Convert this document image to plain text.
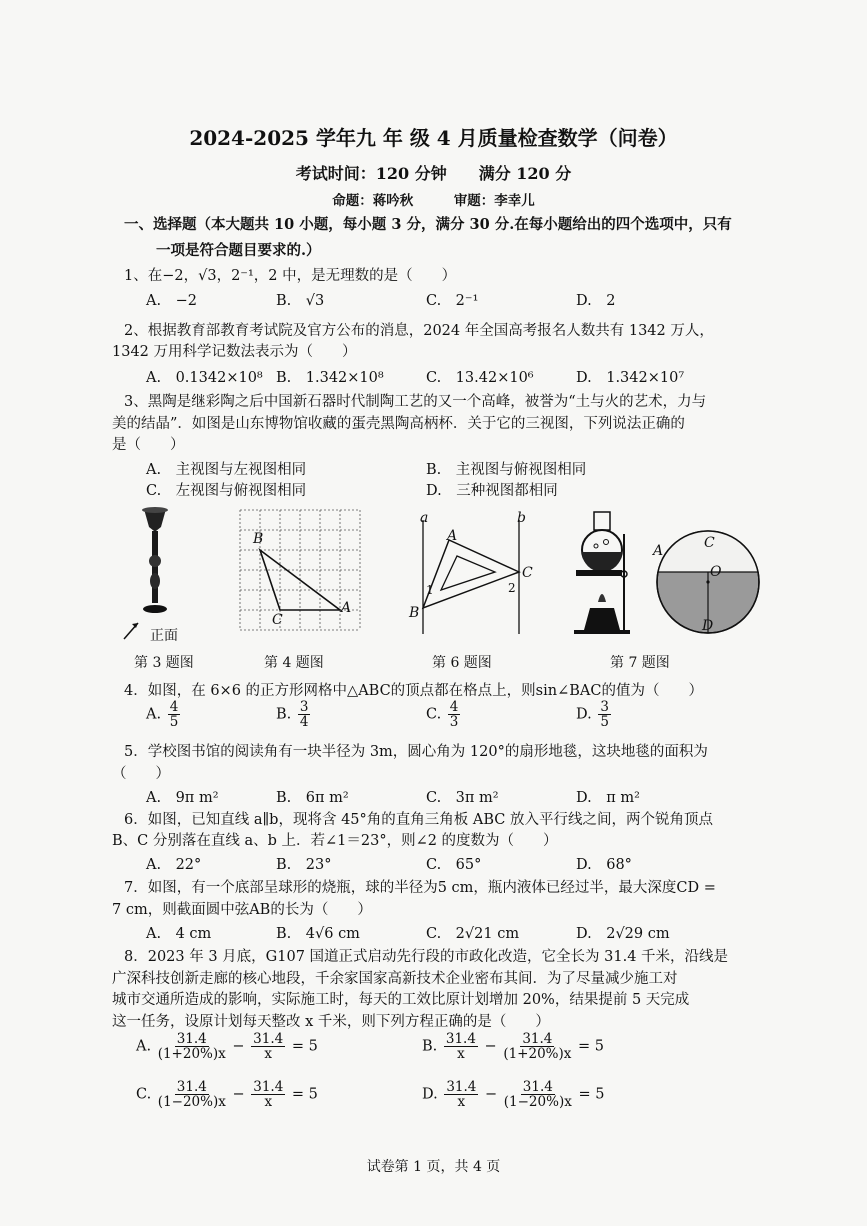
2024-2025 学年九 年 级 4 月质量检查数学（问卷）
考试时间：120 分钟　　满分 120 分
命题：蒋吟秋　　　审题：李幸儿
一、选择题（本大题共 10 小题，每小题 3 分，满分 30 分.在每小题给出的四个选项中，只有
一项是符合题目要求的.）
1、在−2，√3，2⁻¹，2 中，是无理数的是（　　）
A.　−2	B.　√3	C.　2⁻¹	D.　2
2、根据教育部教育考试院及官方公布的消息，2024 年全国高考报名人数共有 1342 万人，
1342 万用科学记数法表示为（　　）
A.　0.1342×10⁸ B.　1.342×10⁸	C.　13.42×10⁶	D.　1.342×10⁷
3、黑陶是继彩陶之后中国新石器时代制陶工艺的又一个高峰，被誉为“土与火的艺术，力与
美的结晶”．如图是山东博物馆收藏的蛋壳黑陶高柄杯．关于它的三视图，下列说法正确的
是（　　）
A.　主视图与左视图相同	B.　主视图与俯视图相同
C.　左视图与俯视图相同	D.　三种视图都相同
正面
第 3 题图
B
A
C
第 4 题图
a	b
A
C
B
1	2
第 6 题图
A	C
O
D
第 7 题图
4．如图，在 6×6 的正方形网格中△ABC的顶点都在格点上，则sin∠BAC的值为（　　）
A. $\frac{4}{5}$	B. $\frac{3}{4}$	C. $\frac{4}{3}$	D. $\frac{3}{5}$
5．学校图书馆的阅读角有一块半径为 3m，圆心角为 120°的扇形地毯，这块地毯的面积为
（　　）
A.　9π m²	B.　6π m²	C.　3π m²	D.　π m²
6．如图，已知直线 a∥b，现将含 45°角的直角三角板 ABC 放入平行线之间，两个锐角顶点
B、C 分别落在直线 a、b 上．若∠1＝23°，则∠2 的度数为（　　）
A.　22°	B.　23°	C.　65°	D.　68°
7．如图，有一个底部呈球形的烧瓶，球的半径为5 cm，瓶内液体已经过半，最大深度CD =
7 cm，则截面圆中弦AB的长为（　　）
A.　4 cm	B.　4√6 cm	C.　2√21 cm	D.　2√29 cm
8．2023 年 3 月底，G107 国道正式启动先行段的市政化改造，它全长为 31.4 千米，沿线是
广深科技创新走廊的核心地段，千余家国家高新技术企业密布其间．为了尽量减少施工对
城市交通所造成的影响，实际施工时，每天的工效比原计划增加 20%，结果提前 5 天完成
这一任务，设原计划每天整改 x 千米，则下列方程正确的是（　　）
A. $\frac{31.4}{(1+20\%)x} - \frac{31.4}{x} = 5$	B. $\frac{31.4}{x} - \frac{31.4}{(1+20\%)x} = 5$
C. $\frac{31.4}{(1-20\%)x} - \frac{31.4}{x} = 5$	D. $\frac{31.4}{x} - \frac{31.4}{(1-20\%)x} = 5$
试卷第 1 页，共 4 页
